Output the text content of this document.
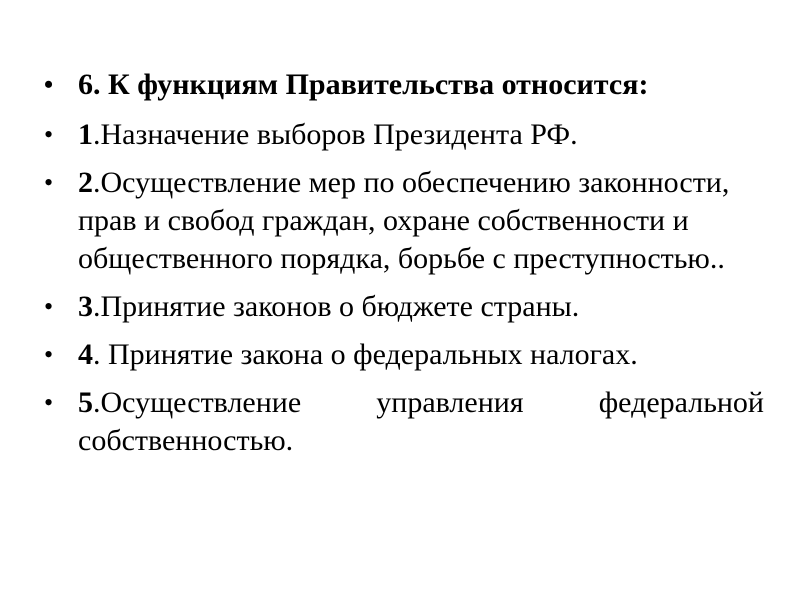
• 6. К функциям Правительства относится:
• 1.Назначение выборов Президента РФ.
• 2.Осуществление мер по обеспечению законности, прав и свобод граждан, охране собственности и общественного порядка, борьбе с преступностью..
• 3.Принятие законов о бюджете страны.
• 4. Принятие закона о федеральных налогах.
• 5.Осуществление управления федеральной собственностью.
